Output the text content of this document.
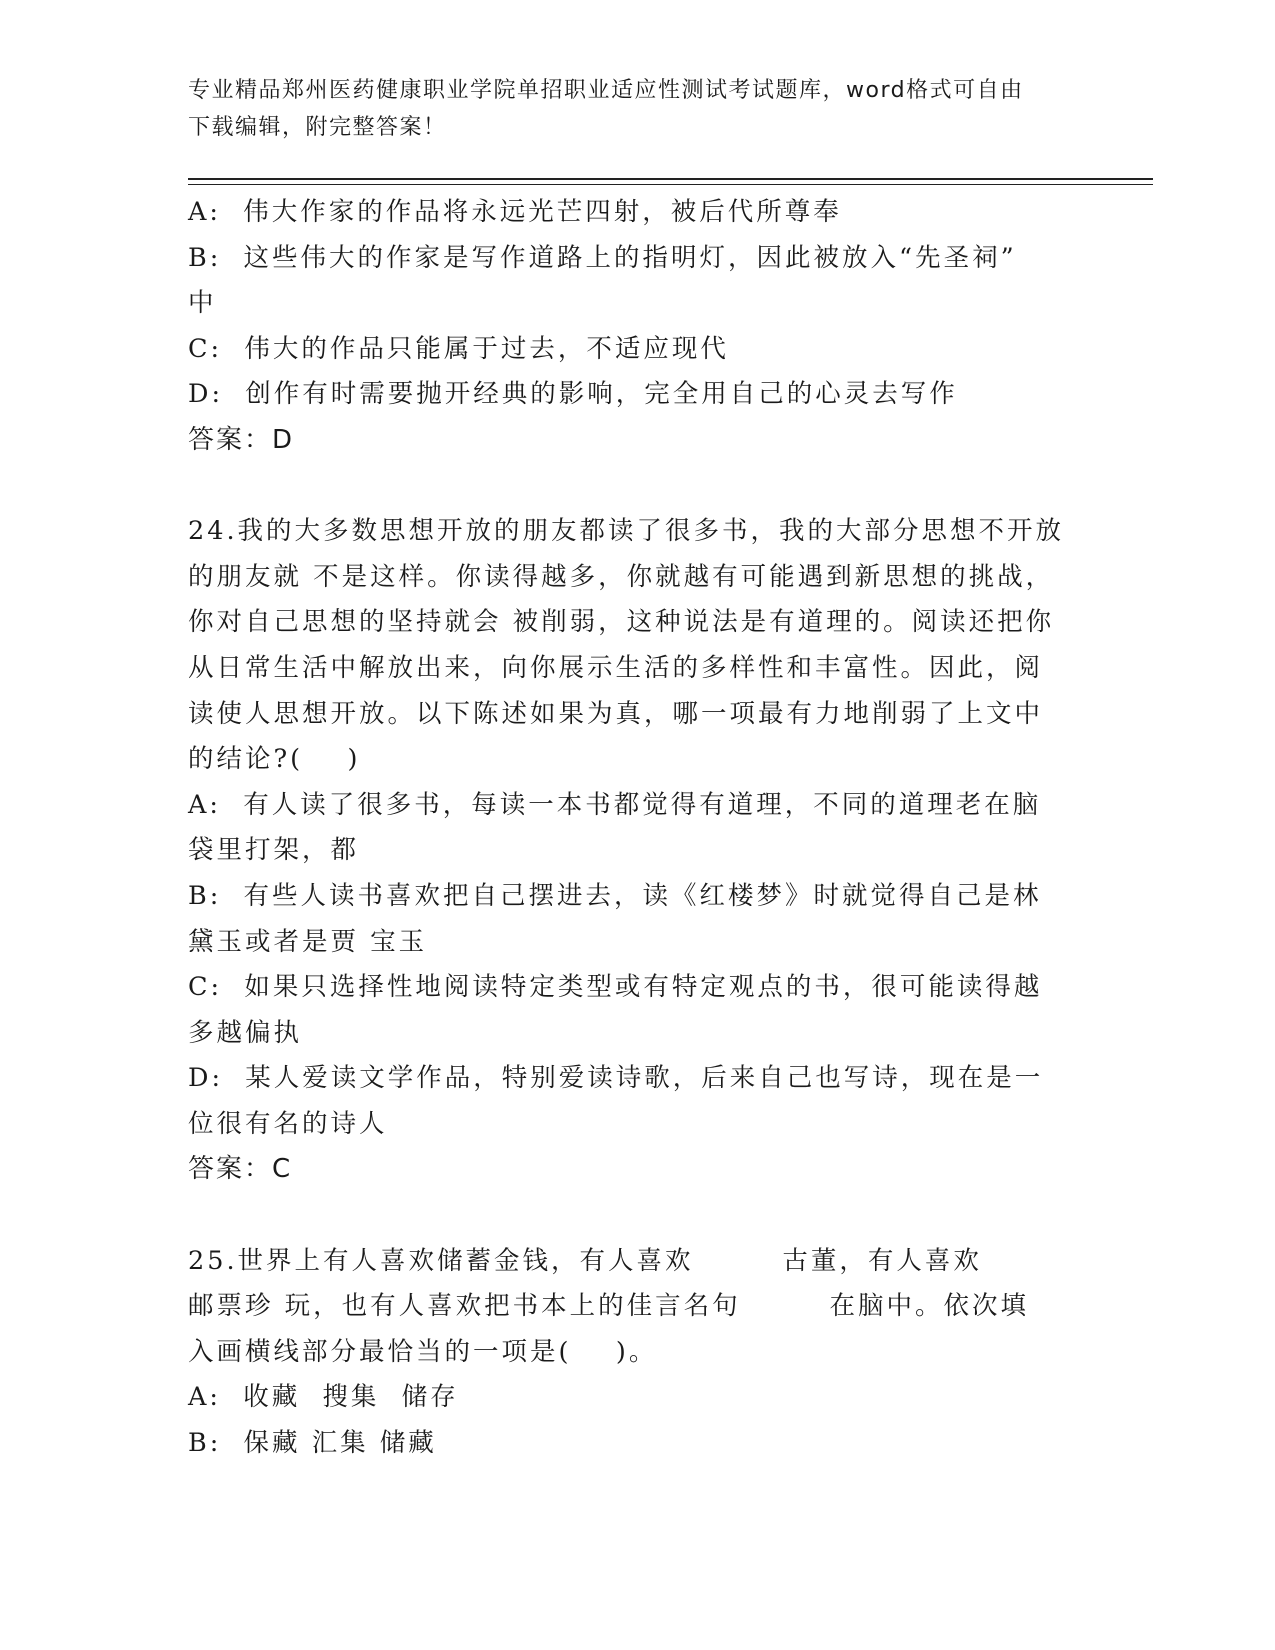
专业精品郑州医药健康职业学院单招职业适应性测试考试题库，word格式可自由
下载编辑，附完整答案！
A:  伟大作家的作品将永远光芒四射，被后代所尊奉
B:  这些伟大的作家是写作道路上的指明灯，因此被放入“先圣祠”
中
C:  伟大的作品只能属于过去，不适应现代
D:  创作有时需要抛开经典的影响，完全用自己的心灵去写作
答案：D
24.我的大多数思想开放的朋友都读了很多书，我的大部分思想不开放
的朋友就 不是这样。你读得越多，你就越有可能遇到新思想的挑战，
你对自己思想的坚持就会 被削弱，这种说法是有道理的。阅读还把你
从日常生活中解放出来，向你展示生活的多样性和丰富性。因此，阅
读使人思想开放。以下陈述如果为真，哪一项最有力地削弱了上文中
的结论?(    )
A:  有人读了很多书，每读一本书都觉得有道理，不同的道理老在脑
袋里打架，都
B:  有些人读书喜欢把自己摆进去，读《红楼梦》时就觉得自己是林
黛玉或者是贾 宝玉
C:  如果只选择性地阅读特定类型或有特定观点的书，很可能读得越
多越偏执
D:  某人爱读文学作品，特别爱读诗歌，后来自己也写诗，现在是一
位很有名的诗人
答案：C
25.世界上有人喜欢储蓄金钱，有人喜欢        古董，有人喜欢
邮票珍 玩，也有人喜欢把书本上的佳言名句        在脑中。依次填
入画横线部分最恰当的一项是(    )。
A:  收藏  搜集  储存
B:  保藏 汇集 储藏
